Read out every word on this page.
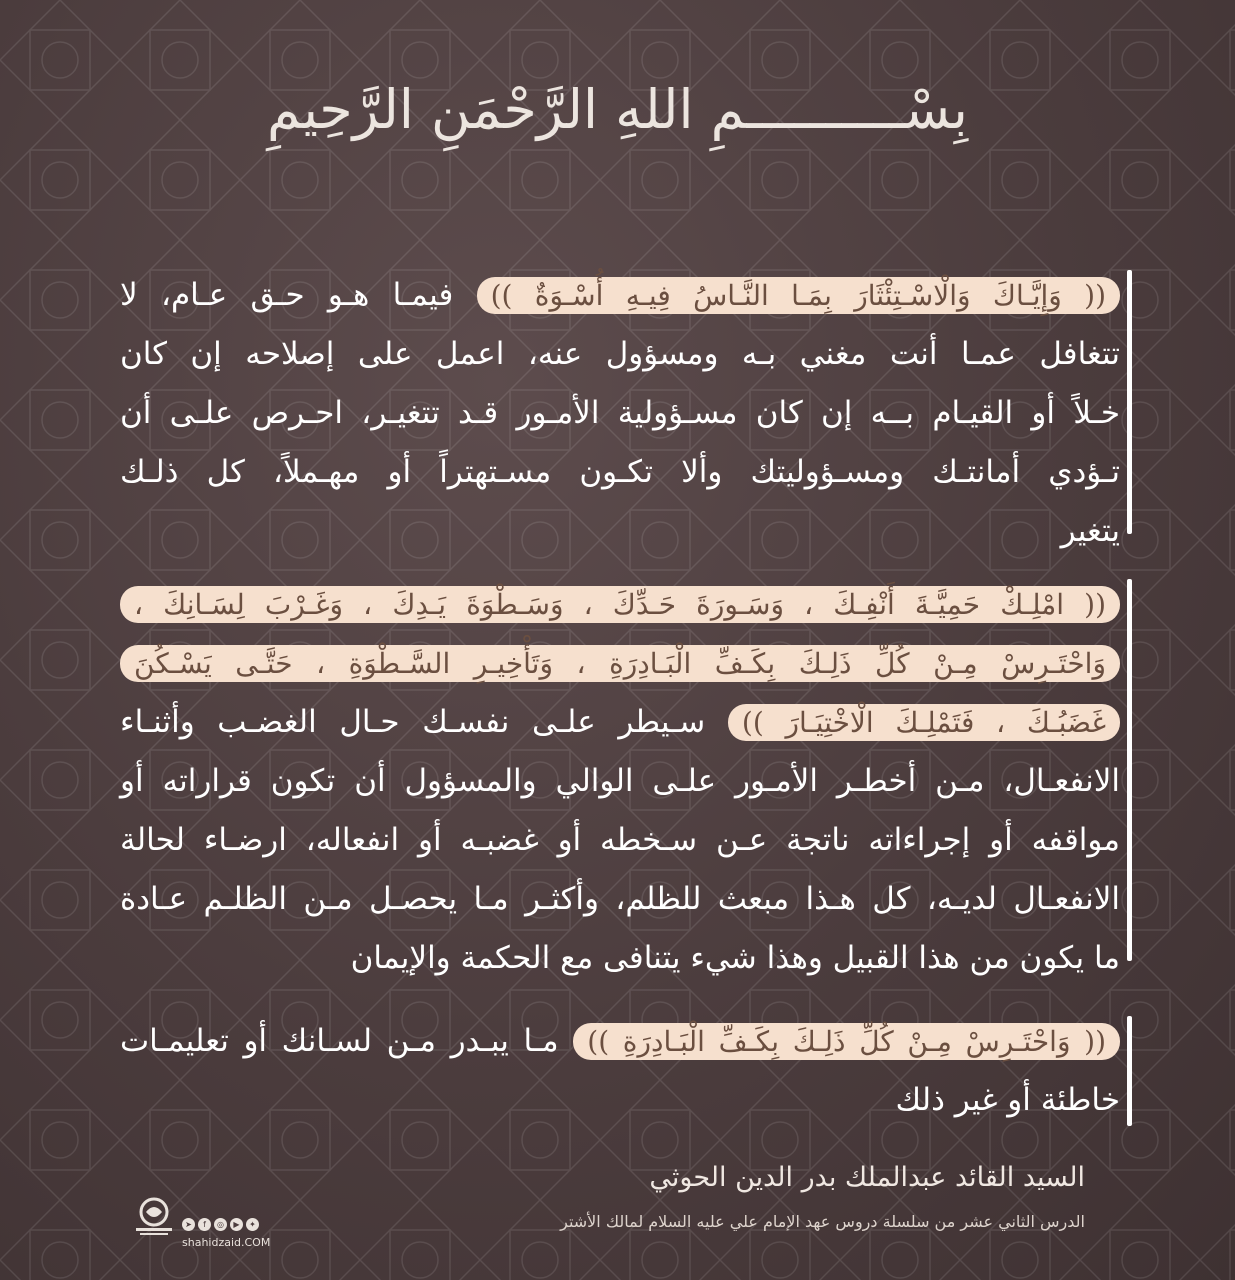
بِسْــــــــــمِ اللهِ الرَّحْمَنِ الرَّحِيمِ
(( وَإِيَّـاكَ وَالْاسْـتِئْثَارَ بِمَـا النَّـاسُ فِيـهِ أُسْـوَةٌ )) فيمـا هـو حـق عـام، لا
تتغافل عمـا أنت مغني بـه ومسؤول عنه، اعمل على إصلاحه إن كان
خـلاً أو القيـام بــه إن كان مسـؤولية الأمـور قـد تتغيـر، احـرص علـى أن
تـؤدي أمانتـك ومسـؤوليتك وألا تكـون مسـتهتراً أو مهـملاً، كل ذلـك
يتغير
(( امْلِـكْ حَمِيَّـةَ أَنْفِـكَ ، وَسَـورَةَ حَـدِّكَ ، وَسَـطْوَةَ يَـدِكَ ، وَغَـرْبَ لِسَـانِكَ ،
وَاحْتَـرِسْ مِـنْ كُلِّ ذَلِـكَ بِكَـفِّ الْبَـادِرَةِ ، وَتَأْخِيـرِ السَّـطْوَةِ ، حَتَّـى يَسْـكُنَ
غَضَبُـكَ ، فَتَمْلِـكَ الْاخْتِيَـارَ )) سـيطر علـى نفسـك حـال الغضـب وأثنـاء
الانفعـال، مـن أخطـر الأمـور علـى الوالي والمسؤول أن تكون قراراته أو
مواقفه أو إجراءاته ناتجة عـن سـخطه أو غضبـه أو انفعاله، ارضـاء لحالة
الانفعـال لديـه، كل هـذا مبعث للظلم، وأكثـر مـا يحصـل مـن الظلـم عـادة
ما يكون من هذا القبيل وهذا شيء يتنافى مع الحكمة والإيمان
(( وَاحْتَـرِسْ مِـنْ كُلِّ ذَلِـكَ بِكَـفِّ الْبَـادِرَةِ )) مـا يبـدر مـن لسـانك أو تعليمـات
خاطئة أو غير ذلك
السيد القائد عبدالملك بدر الدين الحوثي
الدرس الثاني عشر من سلسلة دروس عهد الإمام علي عليه السلام لمالك الأشتر
➤	f	◎	▶	✦
shahidzaid.COM
